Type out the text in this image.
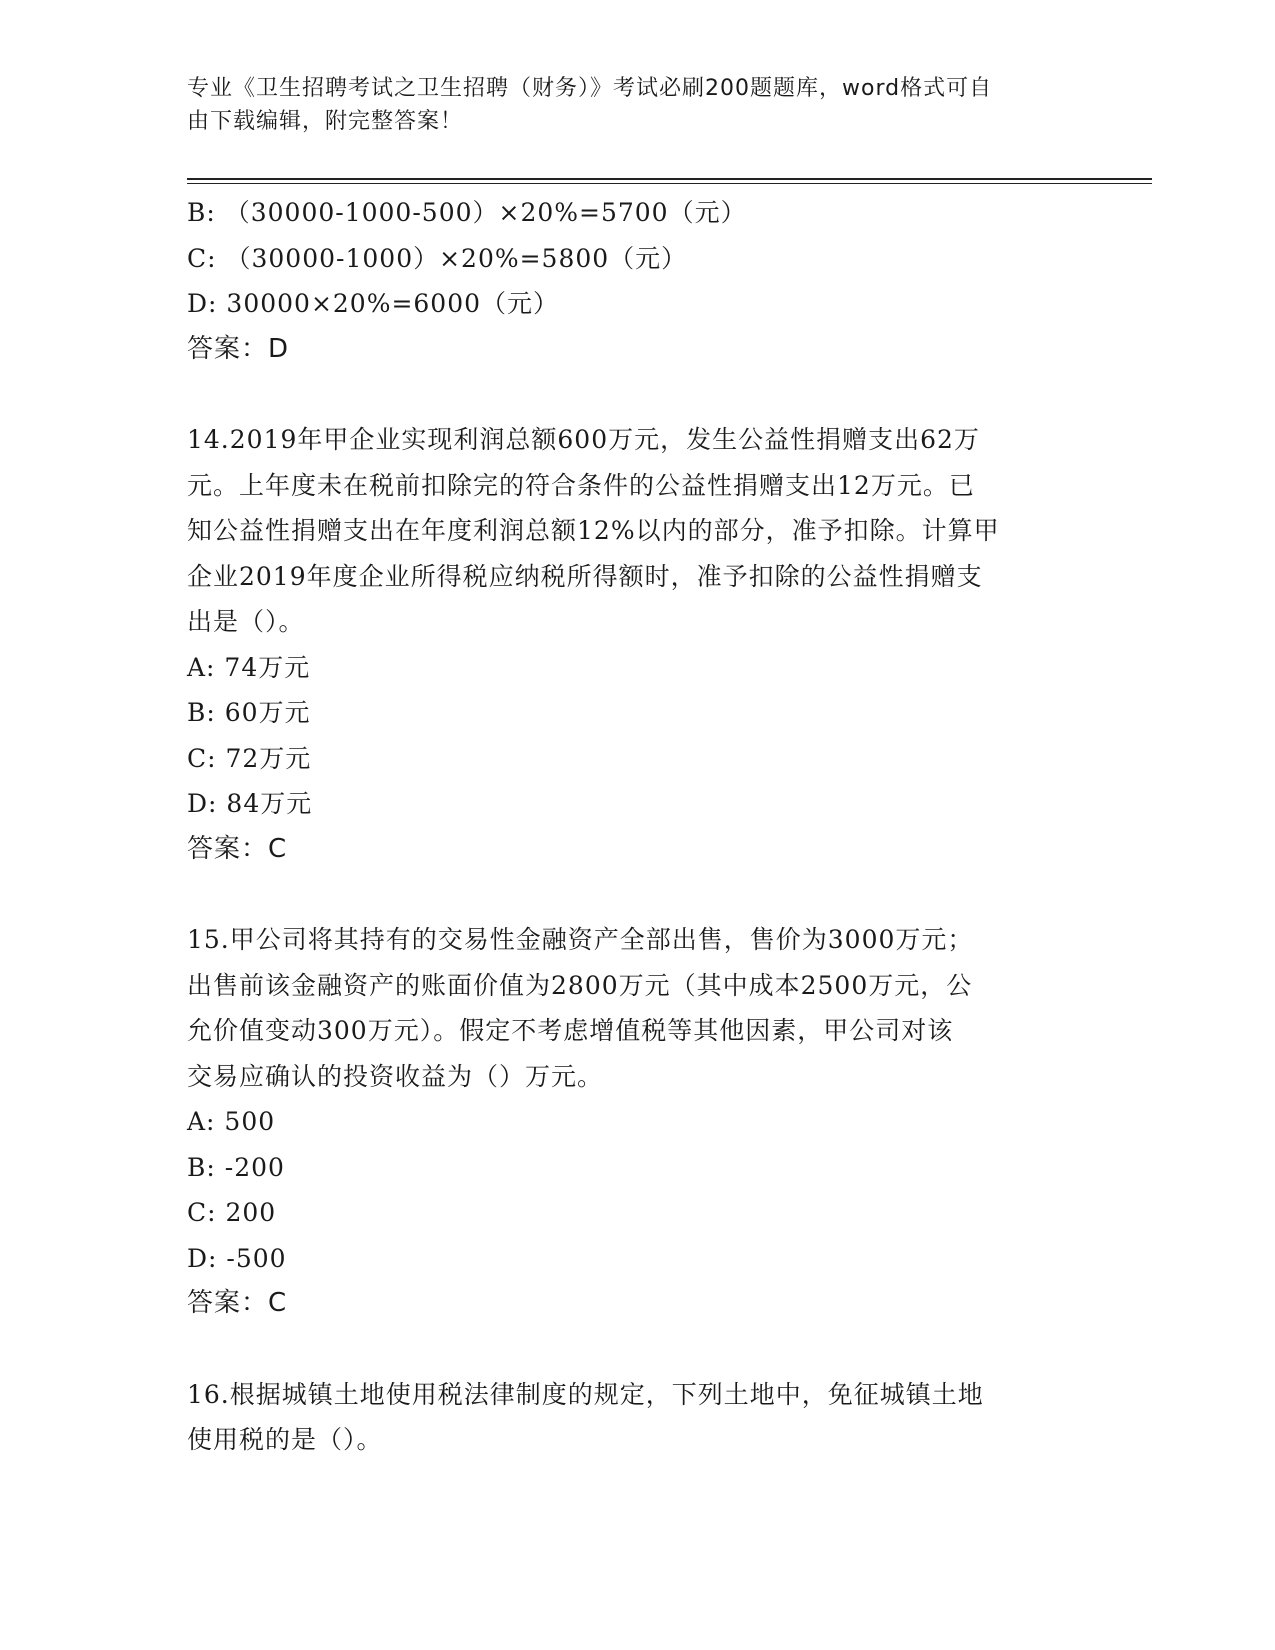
专业《卫生招聘考试之卫生招聘（财务）》考试必刷200题题库，word格式可自
由下载编辑，附完整答案！
B: （30000-1000-500）×20%=5700（元）
C: （30000-1000）×20%=5800（元）
D: 30000×20%=6000（元）
答案：D
14.2019年甲企业实现利润总额600万元，发生公益性捐赠支出62万
元。上年度未在税前扣除完的符合条件的公益性捐赠支出12万元。已
知公益性捐赠支出在年度利润总额12%以内的部分，准予扣除。计算甲
企业2019年度企业所得税应纳税所得额时，准予扣除的公益性捐赠支
出是（）。
A: 74万元
B: 60万元
C: 72万元
D: 84万元
答案：C
15.甲公司将其持有的交易性金融资产全部出售，售价为3000万元；
出售前该金融资产的账面价值为2800万元（其中成本2500万元，公
允价值变动300万元）。假定不考虑增值税等其他因素，甲公司对该
交易应确认的投资收益为（）万元。
A: 500
B: -200
C: 200
D: -500
答案：C
16.根据城镇土地使用税法律制度的规定，下列土地中，免征城镇土地
使用税的是（）。
